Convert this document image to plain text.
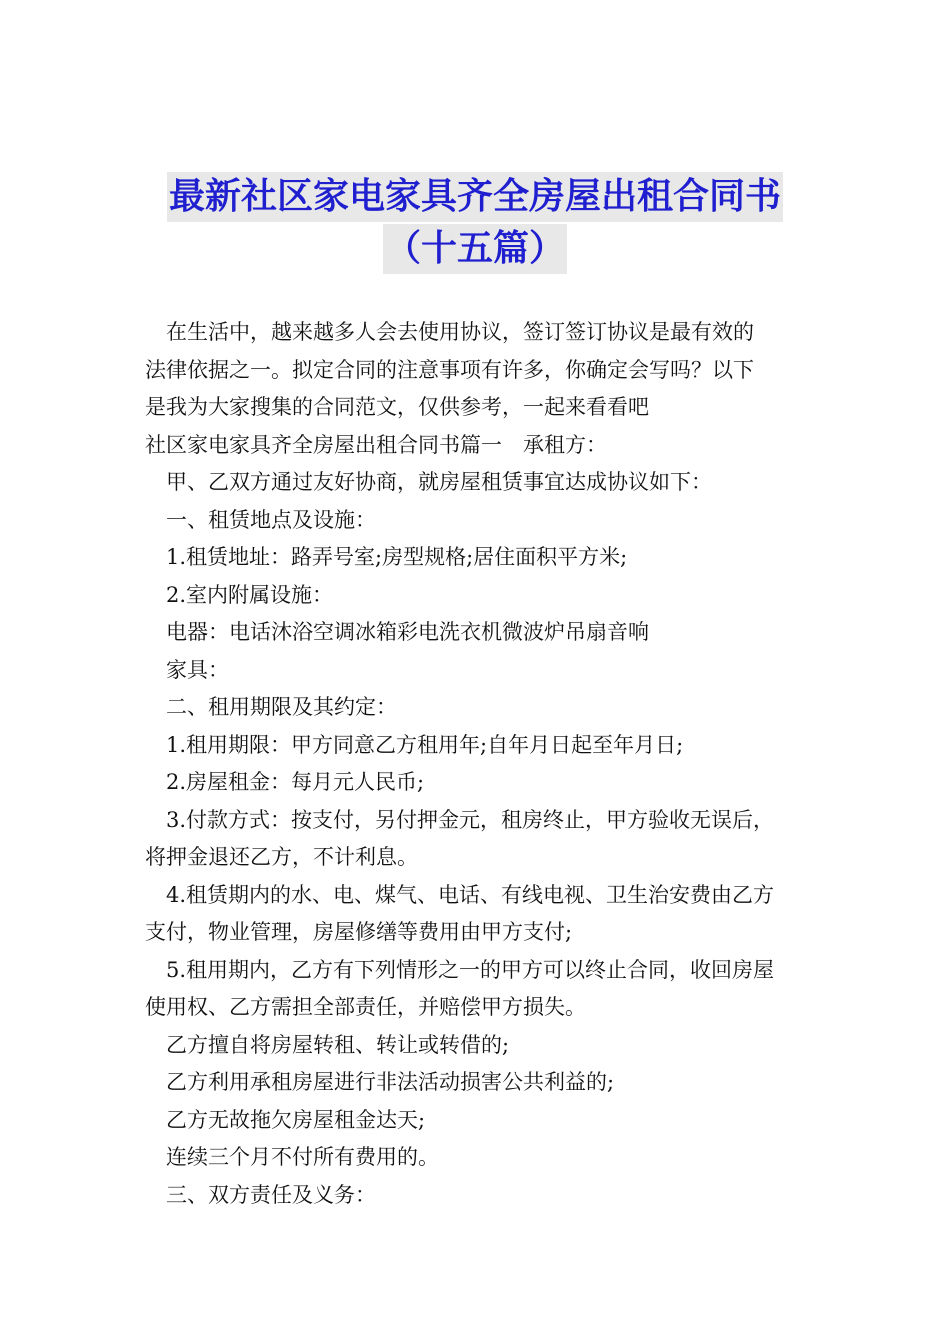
最新社区家电家具齐全房屋出租合同书
（十五篇）

在生活中，越来越多人会去使用协议，签订签订协议是最有效的

法律依据之一。拟定合同的注意事项有许多，你确定会写吗？以下

是我为大家搜集的合同范文，仅供参考，一起来看看吧

社区家电家具齐全房屋出租合同书篇一　承租方：

甲、乙双方通过友好协商，就房屋租赁事宜达成协议如下：

一、租赁地点及设施：

1.租赁地址：路弄号室;房型规格;居住面积平方米;

2.室内附属设施：

电器：电话沐浴空调冰箱彩电洗衣机微波炉吊扇音响

家具：

二、租用期限及其约定：

1.租用期限：甲方同意乙方租用年;自年月日起至年月日;

2.房屋租金：每月元人民币;

3.付款方式：按支付，另付押金元，租房终止，甲方验收无误后，

将押金退还乙方，不计利息。

4.租赁期内的水、电、煤气、电话、有线电视、卫生治安费由乙方

支付，物业管理，房屋修缮等费用由甲方支付;

5.租用期内，乙方有下列情形之一的甲方可以终止合同，收回房屋

使用权、乙方需担全部责任，并赔偿甲方损失。

乙方擅自将房屋转租、转让或转借的;

乙方利用承租房屋进行非法活动损害公共利益的;

乙方无故拖欠房屋租金达天;

连续三个月不付所有费用的。

三、双方责任及义务：
